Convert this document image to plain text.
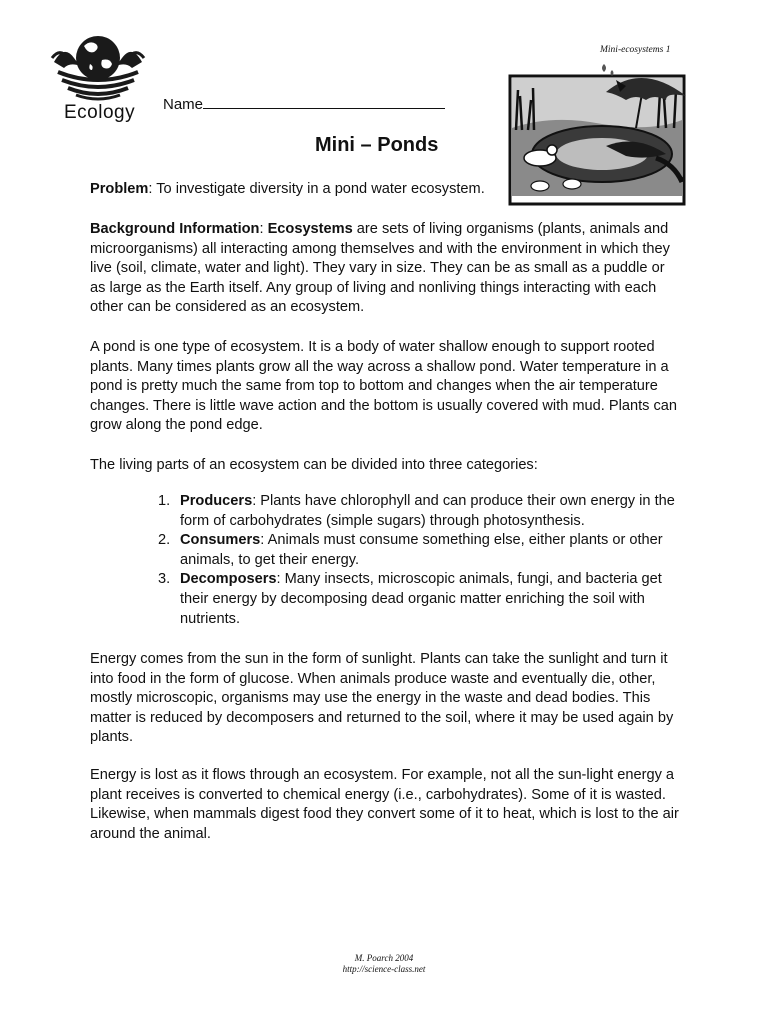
Ecology
Mini-ecosystems 1
Name
Mini – Ponds

Problem: To investigate diversity in a pond water ecosystem.

Background Information: Ecosystems are sets of living organisms (plants, animals and microorganisms) all interacting among themselves and with the environment in which they live (soil, climate, water and light). They vary in size. They can be as small as a puddle or as large as the Earth itself. Any group of living and nonliving things interacting with each other can be considered as an ecosystem.

A pond is one type of ecosystem. It is a body of water shallow enough to support rooted plants. Many times plants grow all the way across a shallow pond. Water temperature in a pond is pretty much the same from top to bottom and changes when the air temperature changes. There is little wave action and the bottom is usually covered with mud. Plants can grow along the pond edge.

The living parts of an ecosystem can be divided into three categories:

1. Producers: Plants have chlorophyll and can produce their own energy in the form of carbohydrates (simple sugars) through photosynthesis.
2. Consumers: Animals must consume something else, either plants or other animals, to get their energy.
3. Decomposers: Many insects, microscopic animals, fungi, and bacteria get their energy by decomposing dead organic matter enriching the soil with nutrients.

Energy comes from the sun in the form of sunlight. Plants can take the sunlight and turn it into food in the form of glucose. When animals produce waste and eventually die, other, mostly microscopic, organisms may use the energy in the waste and dead bodies. This matter is reduced by decomposers and returned to the soil, where it may be used again by plants.

Energy is lost as it flows through an ecosystem. For example, not all the sun-light energy a plant receives is converted to chemical energy (i.e., carbohydrates). Some of it is wasted. Likewise, when mammals digest food they convert some of it to heat, which is lost to the air around the animal.

M. Poarch 2004
http://science-class.net
